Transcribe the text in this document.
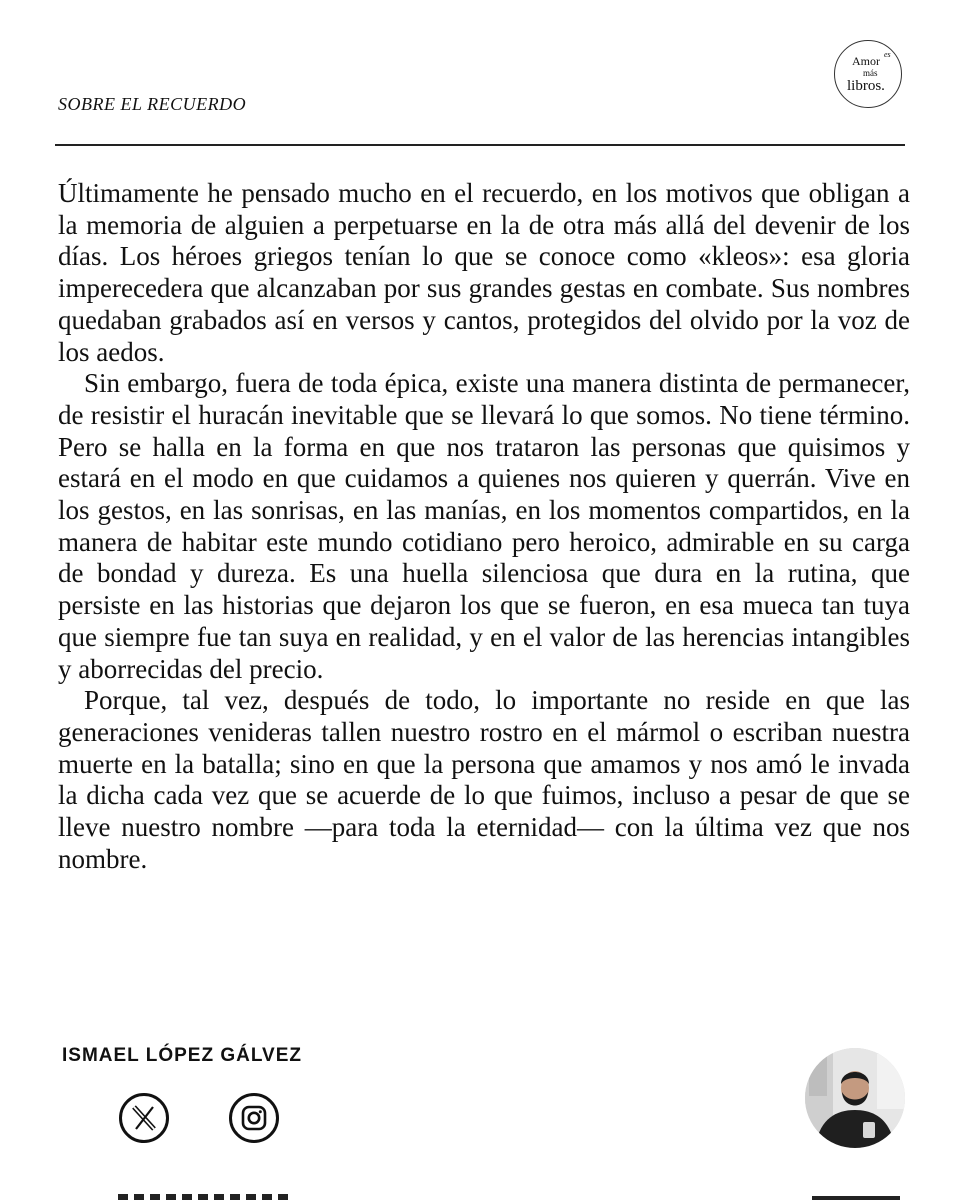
SOBRE EL RECUERDO
Amor es
más
libros.

Últimamente he pensado mucho en el recuerdo, en los motivos que obligan a la memoria de alguien a perpetuarse en la de otra más allá del devenir de los días. Los héroes griegos tenían lo que se conoce como «kleos»: esa gloria imperecedera que alcanzaban por sus grandes gestas en combate. Sus nombres quedaban grabados así en versos y cantos, protegidos del olvido por la voz de los aedos.

Sin embargo, fuera de toda épica, existe una manera distinta de permanecer, de resistir el huracán inevitable que se llevará lo que somos. No tiene término. Pero se halla en la forma en que nos trataron las personas que quisimos y estará en el modo en que cuidamos a quienes nos quieren y querrán. Vive en los gestos, en las sonrisas, en las manías, en los momentos compartidos, en la manera de habitar este mundo cotidiano pero heroico, admirable en su carga de bondad y dureza. Es una huella silenciosa que dura en la rutina, que persiste en las historias que dejaron los que se fueron, en esa mueca tan tuya que siempre fue tan suya en realidad, y en el valor de las herencias intangibles y aborrecidas del precio.

Porque, tal vez, después de todo, lo importante no reside en que las generaciones venideras tallen nuestro rostro en el mármol o escriban nuestra muerte en la batalla; sino en que la persona que amamos y nos amó le invada la dicha cada vez que se acuerde de lo que fuimos, incluso a pesar de que se lleve nuestro nombre —para toda la eternidad— con la última vez que nos nombre.

ISMAEL LÓPEZ GÁLVEZ
